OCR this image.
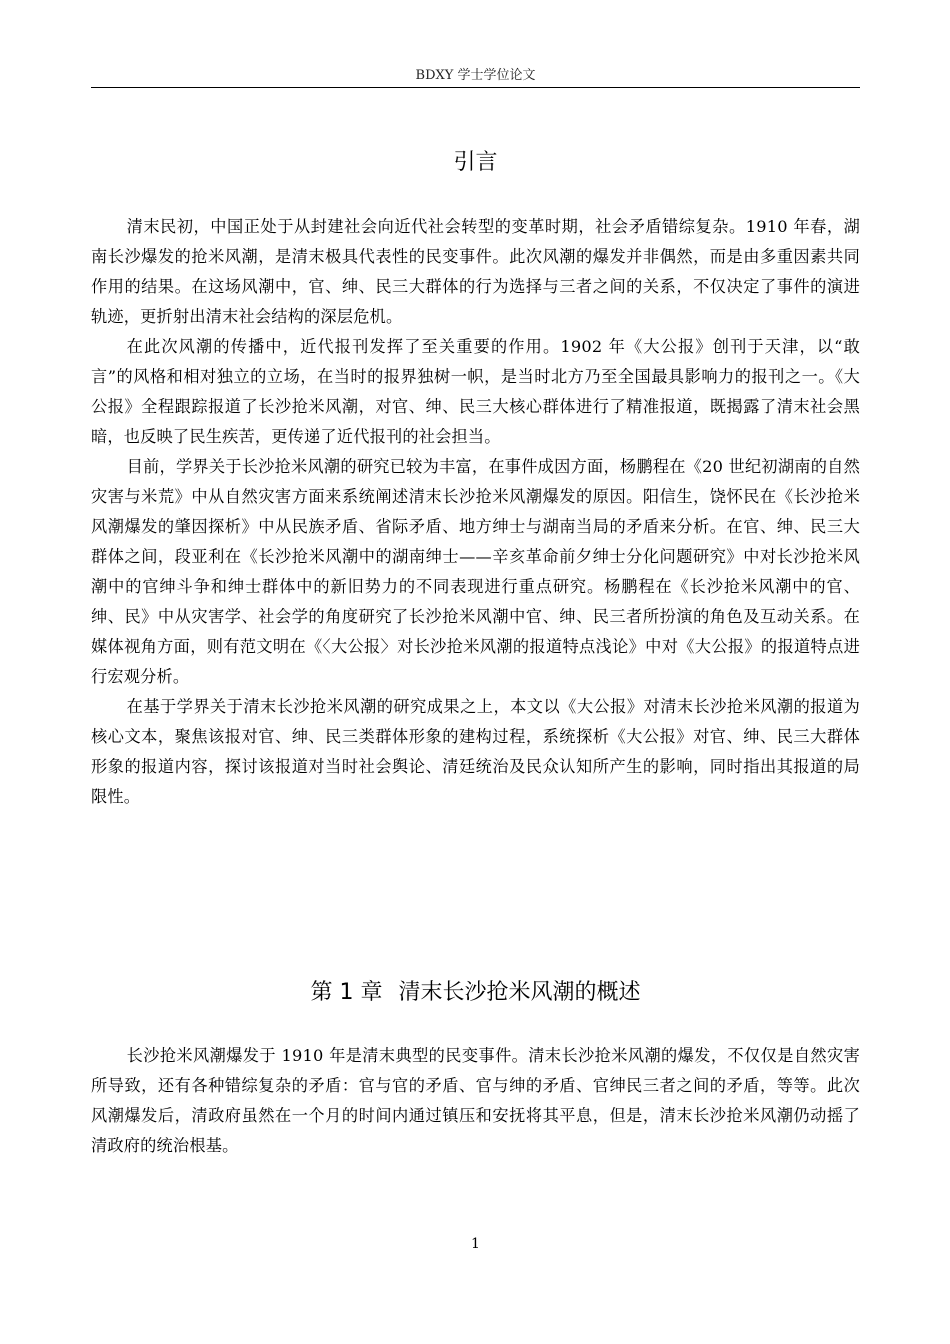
BDXY 学士学位论文
引言

清末民初，中国正处于从封建社会向近代社会转型的变革时期，社会矛盾错综复杂。1910 年春，湖南长沙爆发的抢米风潮，是清末极具代表性的民变事件。此次风潮的爆发并非偶然，而是由多重因素共同作用的结果。在这场风潮中，官、绅、民三大群体的行为选择与三者之间的关系，不仅决定了事件的演进轨迹，更折射出清末社会结构的深层危机。

在此次风潮的传播中，近代报刊发挥了至关重要的作用。1902 年《大公报》创刊于天津，以“敢言”的风格和相对独立的立场，在当时的报界独树一帜，是当时北方乃至全国最具影响力的报刊之一。《大公报》全程跟踪报道了长沙抢米风潮，对官、绅、民三大核心群体进行了精准报道，既揭露了清末社会黑暗，也反映了民生疾苦，更传递了近代报刊的社会担当。

目前，学界关于长沙抢米风潮的研究已较为丰富，在事件成因方面，杨鹏程在《20 世纪初湖南的自然灾害与米荒》中从自然灾害方面来系统阐述清末长沙抢米风潮爆发的原因。阳信生，饶怀民在《长沙抢米风潮爆发的肇因探析》中从民族矛盾、省际矛盾、地方绅士与湖南当局的矛盾来分析。在官、绅、民三大群体之间，段亚利在《长沙抢米风潮中的湖南绅士——辛亥革命前夕绅士分化问题研究》中对长沙抢米风潮中的官绅斗争和绅士群体中的新旧势力的不同表现进行重点研究。杨鹏程在《长沙抢米风潮中的官、绅、民》中从灾害学、社会学的角度研究了长沙抢米风潮中官、绅、民三者所扮演的角色及互动关系。在媒体视角方面，则有范文明在《〈大公报〉对长沙抢米风潮的报道特点浅论》中对《大公报》的报道特点进行宏观分析。

在基于学界关于清末长沙抢米风潮的研究成果之上，本文以《大公报》对清末长沙抢米风潮的报道为核心文本，聚焦该报对官、绅、民三类群体形象的建构过程，系统探析《大公报》对官、绅、民三大群体形象的报道内容，探讨该报道对当时社会舆论、清廷统治及民众认知所产生的影响，同时指出其报道的局限性。

第 1 章 清末长沙抢米风潮的概述

长沙抢米风潮爆发于 1910 年是清末典型的民变事件。清末长沙抢米风潮的爆发，不仅仅是自然灾害所导致，还有各种错综复杂的矛盾：官与官的矛盾、官与绅的矛盾、官绅民三者之间的矛盾，等等。此次风潮爆发后，清政府虽然在一个月的时间内通过镇压和安抚将其平息，但是，清末长沙抢米风潮仍动摇了清政府的统治根基。

1
